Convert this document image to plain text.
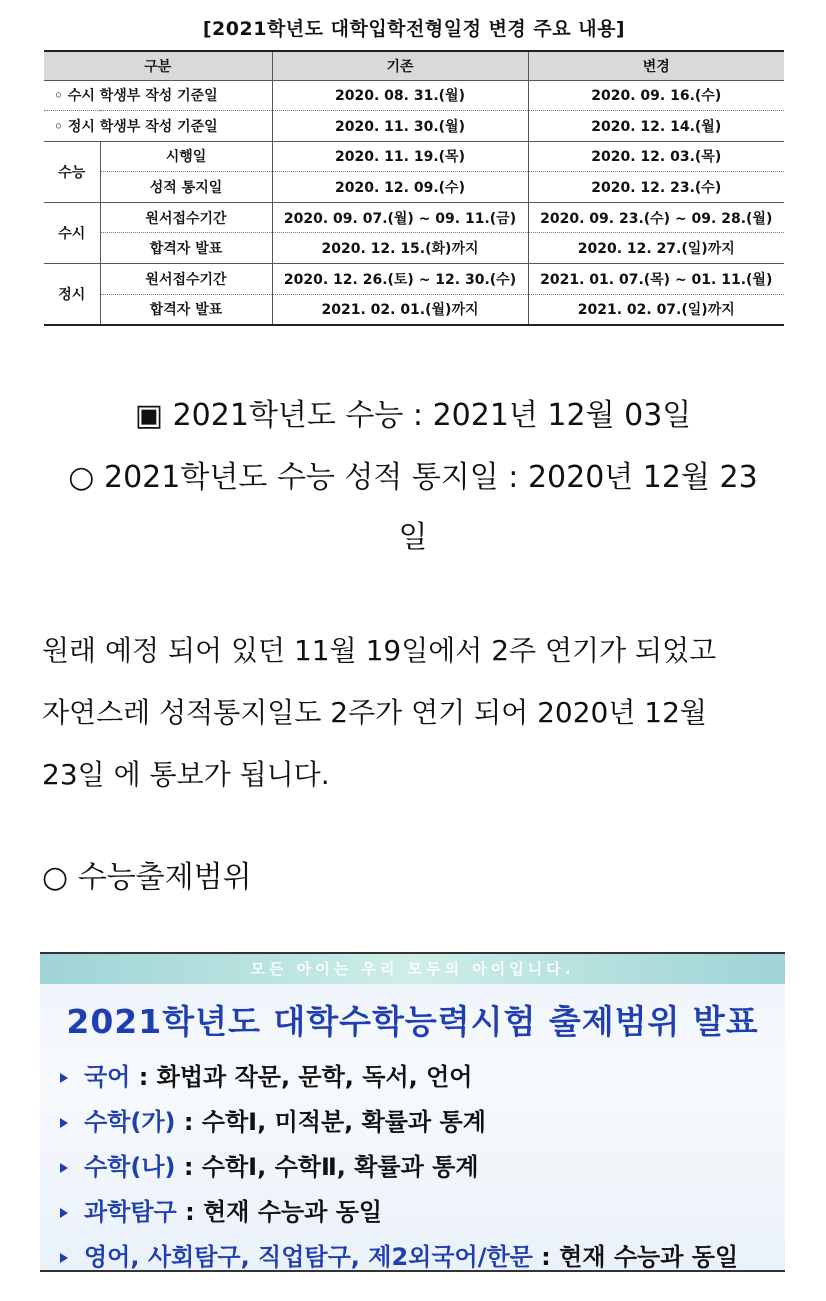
[2021학년도 대학입학전형일정 변경 주요 내용]
구분		기존	변경
◦ 수시 학생부 작성 기준일		2020. 08. 31.(월)	2020. 09. 16.(수)
◦ 정시 학생부 작성 기준일		2020. 11. 30.(월)	2020. 12. 14.(월)
수능	시행일	2020. 11. 19.(목)	2020. 12. 03.(목)
	성적 통지일	2020. 12. 09.(수)	2020. 12. 23.(수)
수시	원서접수기간	2020. 09. 07.(월) ~ 09. 11.(금)	2020. 09. 23.(수) ~ 09. 28.(월)
	합격자 발표	2020. 12. 15.(화)까지	2020. 12. 27.(일)까지
정시	원서접수기간	2020. 12. 26.(토) ~ 12. 30.(수)	2021. 01. 07.(목) ~ 01. 11.(월)
	합격자 발표	2021. 02. 01.(월)까지	2021. 02. 07.(일)까지
▣ 2021학년도 수능 : 2021년 12월 03일
○ 2021학년도 수능 성적 통지일 : 2020년 12월 23
일
원래 예정 되어 있던 11월 19일에서 2주 연기가 되었고
자연스레 성적통지일도 2주가 연기 되어 2020년 12월
23일 에 통보가 됩니다.
○ 수능출제범위
모든 아이는 우리 모두의 아이입니다.
2021학년도 대학수학능력시험 출제범위 발표
국어 : 화법과 작문, 문학, 독서, 언어
수학(가) : 수학Ⅰ, 미적분, 확률과 통계
수학(나) : 수학Ⅰ, 수학Ⅱ, 확률과 통계
과학탐구 : 현재 수능과 동일
영어, 사회탐구, 직업탐구, 제2외국어/한문 : 현재 수능과 동일
